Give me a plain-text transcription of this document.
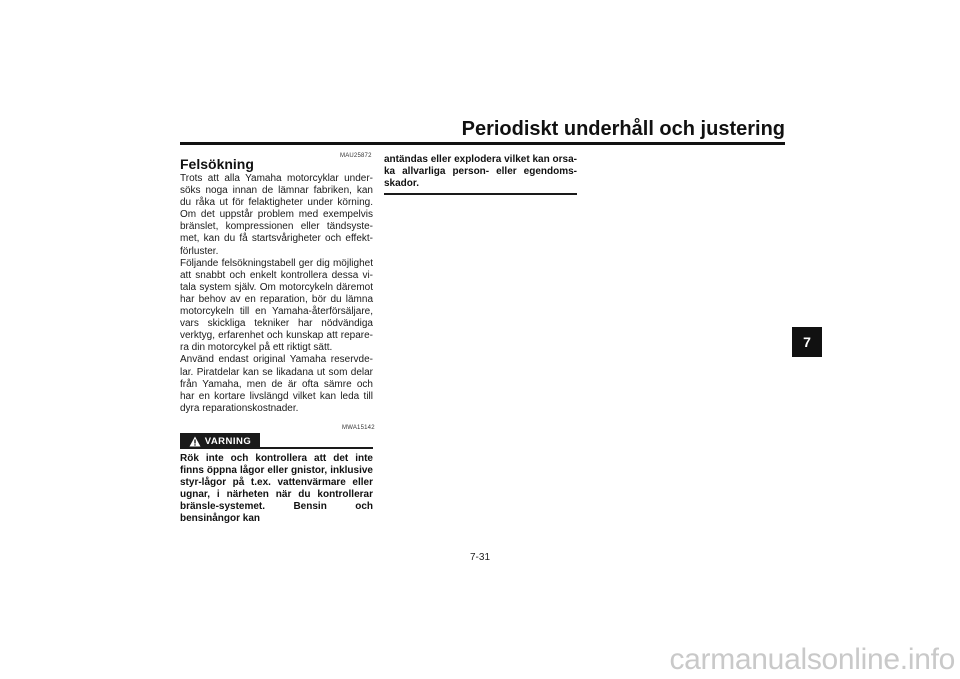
Periodiskt underhåll och justering
7
MAU25872
Felsökning

Trots att alla Yamaha motorcyklar under-söks noga innan de lämnar fabriken, kan du råka ut för felaktigheter under körning. Om det uppstår problem med exempelvis bränslet, kompressionen eller tändsyste-met, kan du få startsvårigheter och effekt-förluster.

Följande felsökningstabell ger dig möjlighet att snabbt och enkelt kontrollera dessa vi-tala system själv. Om motorcykeln däremot har behov av en reparation, bör du lämna motorcykeln till en Yamaha-återförsäljare, vars skickliga tekniker har nödvändiga verktyg, erfarenhet och kunskap att repare-ra din motorcykel på ett riktigt sätt.

Använd endast original Yamaha reservde-lar. Piratdelar kan se likadana ut som delar från Yamaha, men de är ofta sämre och har en kortare livslängd vilket kan leda till dyra reparationskostnader.

MWA15142
VARNING
Rök inte och kontrollera att det inte finns öppna lågor eller gnistor, inklusive styr-lågor på t.ex. vattenvärmare eller ugnar, i närheten när du kontrollerar bränsle-systemet. Bensin och bensinångor kan
antändas eller explodera vilket kan orsa-ka allvarliga person- eller egendoms-skador.
7-31
carmanualsonline.info
